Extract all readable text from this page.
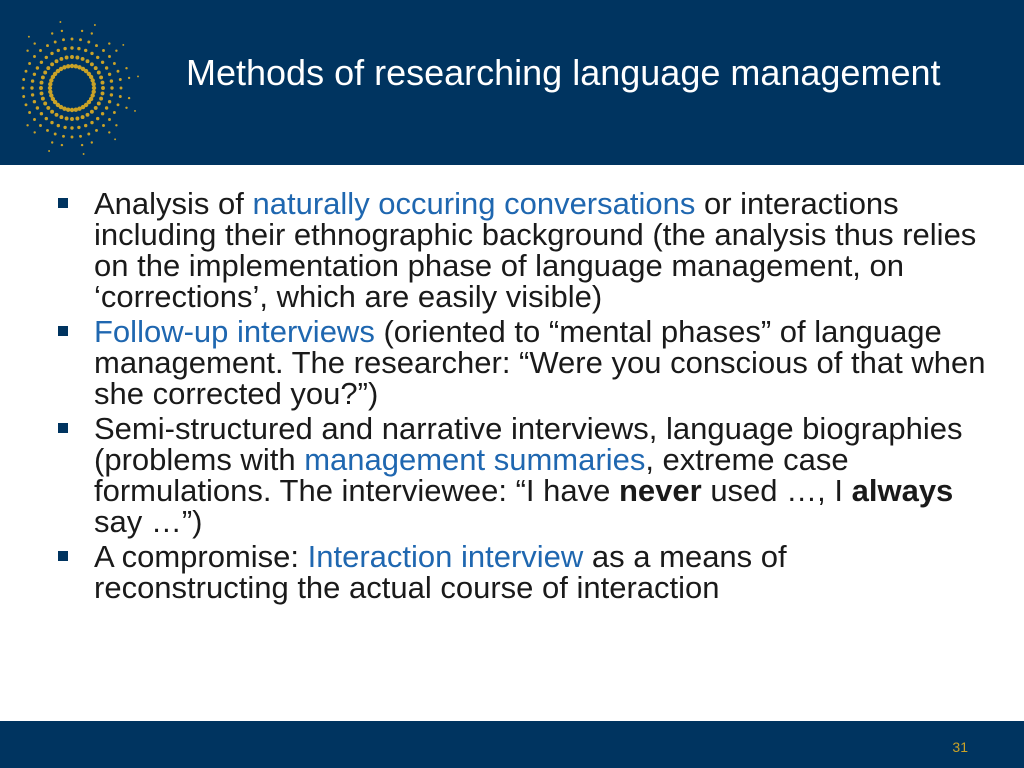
Methods of researching language management
Analysis of naturally occuring conversations or interactions including their ethnographic background (the analysis thus relies on the implementation phase of language management, on ‘corrections’, which are easily visible)
Follow-up interviews (oriented to “mental phases” of language management. The researcher: “Were you conscious of that when she corrected you?”)
Semi-structured and narrative interviews, language biographies (problems with management summaries, extreme case formulations. The interviewee: “I have never used …, I always say …”)
A compromise: Interaction interview as a means of reconstructing the actual course of interaction
31
